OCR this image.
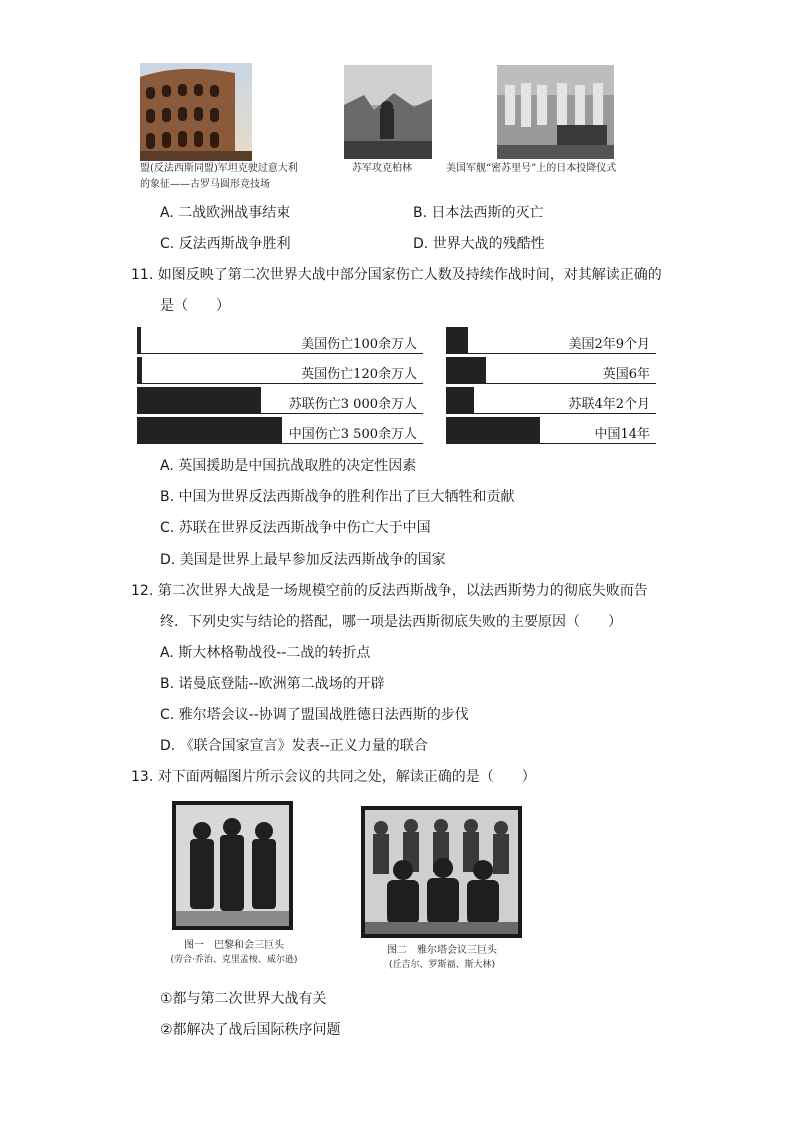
盟(反法西斯同盟)军坦克驶过意大利
的象征——古罗马圆形竞技场
苏军攻克柏林	美国军舰“密苏里号”上的日本投降仪式
A. 二战欧洲战事结束	B. 日本法西斯的灭亡
C. 反法西斯战争胜利	D. 世界大战的残酷性
11. 如图反映了第二次世界大战中部分国家伤亡人数及持续作战时间，对其解读正确的
是（　　）
美国伤亡100余万人
英国伤亡120余万人
苏联伤亡3 000余万人
中国伤亡3 500余万人
美国2年9个月
英国6年
苏联4年2个月
中国14年
A. 英国援助是中国抗战取胜的决定性因素
B. 中国为世界反法西斯战争的胜利作出了巨大牺牲和贡献
C. 苏联在世界反法西斯战争中伤亡大于中国
D. 美国是世界上最早参加反法西斯战争的国家
12. 第二次世界大战是一场规模空前的反法西斯战争，以法西斯势力的彻底失败而告
终．下列史实与结论的搭配，哪一项是法西斯彻底失败的主要原因（　　）
A. 斯大林格勒战役--二战的转折点
B. 诺曼底登陆--欧洲第二战场的开辟
C. 雅尔塔会议--协调了盟国战胜德日法西斯的步伐
D. 《联合国家宣言》发表--正义力量的联合
13. 对下面两幅图片所示会议的共同之处，解读正确的是（　　）
图一　巴黎和会三巨头
(劳合·乔治、克里孟梭、威尔逊)
图二　雅尔塔会议三巨头
(丘吉尔、罗斯福、斯大林)
①都与第二次世界大战有关
②都解决了战后国际秩序问题
